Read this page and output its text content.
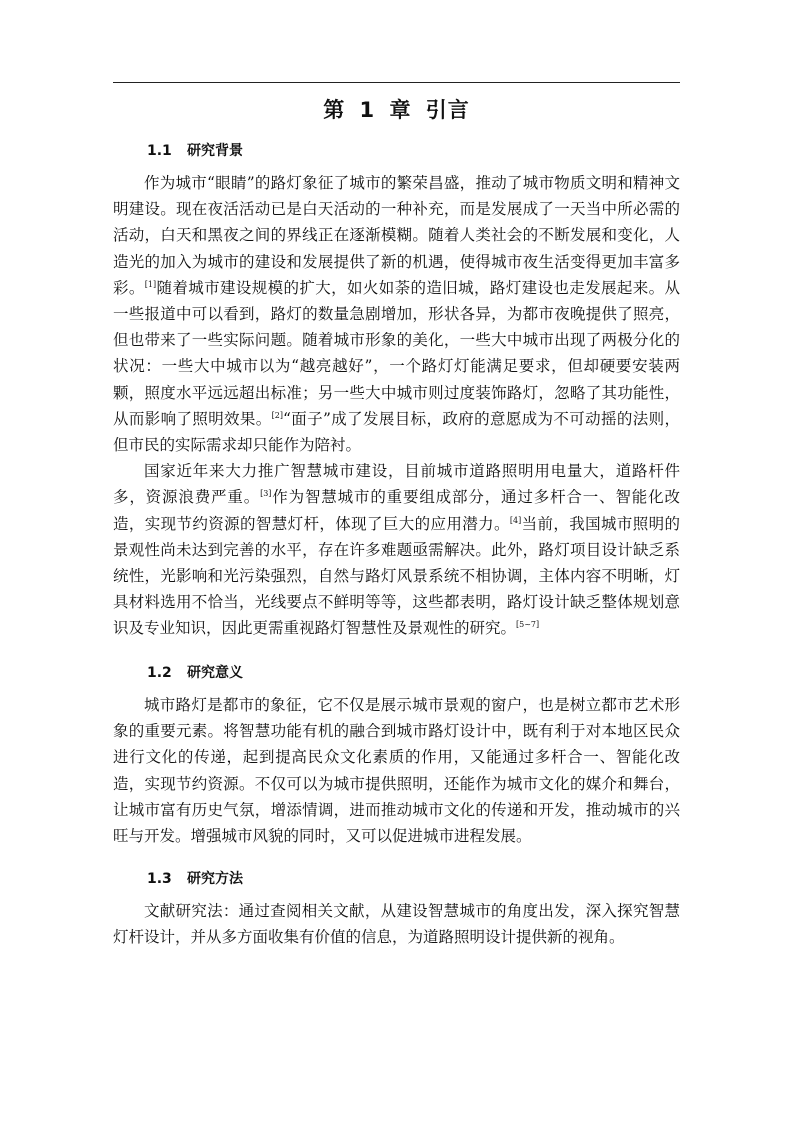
第 1 章 引言
1.1 研究背景

作为城市“眼睛”的路灯象征了城市的繁荣昌盛，推动了城市物质文明和精神文明建设。现在夜活活动已是白天活动的一种补充，而是发展成了一天当中所必需的活动，白天和黑夜之间的界线正在逐渐模糊。随着人类社会的不断发展和变化，人造光的加入为城市的建设和发展提供了新的机遇，使得城市夜生活变得更加丰富多彩。[1]随着城市建设规模的扩大，如火如荼的造旧城，路灯建设也走发展起来。从一些报道中可以看到，路灯的数量急剧增加，形状各异，为都市夜晚提供了照亮，但也带来了一些实际问题。随着城市形象的美化，一些大中城市出现了两极分化的状况：一些大中城市以为“越亮越好”，一个路灯灯能满足要求，但却硬要安装两颗，照度水平远远超出标准；另一些大中城市则过度装饰路灯，忽略了其功能性，从而影响了照明效果。[2]“面子”成了发展目标，政府的意愿成为不可动摇的法则，但市民的实际需求却只能作为陪衬。

国家近年来大力推广智慧城市建设，目前城市道路照明用电量大，道路杆件多，资源浪费严重。[3]作为智慧城市的重要组成部分，通过多杆合一、智能化改造，实现节约资源的智慧灯杆，体现了巨大的应用潜力。[4]当前，我国城市照明的景观性尚未达到完善的水平，存在许多难题亟需解决。此外，路灯项目设计缺乏系统性，光影响和光污染强烈，自然与路灯风景系统不相协调，主体内容不明晰，灯具材料选用不恰当，光线要点不鲜明等等，这些都表明，路灯设计缺乏整体规划意识及专业知识，因此更需重视路灯智慧性及景观性的研究。[5~7]

1.2 研究意义

城市路灯是都市的象征，它不仅是展示城市景观的窗户，也是树立都市艺术形象的重要元素。将智慧功能有机的融合到城市路灯设计中，既有利于对本地区民众进行文化的传递，起到提高民众文化素质的作用，又能通过多杆合一、智能化改造，实现节约资源。不仅可以为城市提供照明，还能作为城市文化的媒介和舞台，让城市富有历史气氛，增添情调，进而推动城市文化的传递和开发，推动城市的兴旺与开发。增强城市风貌的同时，又可以促进城市进程发展。

1.3 研究方法

文献研究法：通过查阅相关文献，从建设智慧城市的角度出发，深入探究智慧灯杆设计，并从多方面收集有价值的信息，为道路照明设计提供新的视角。
